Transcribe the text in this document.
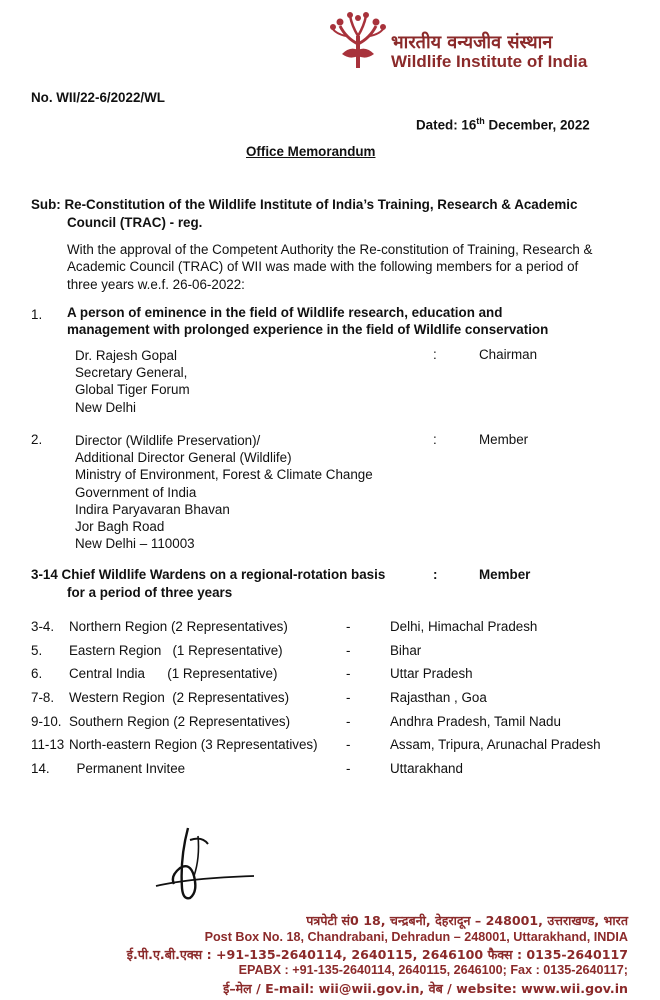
भारतीय वन्यजीव संस्थान
Wildlife Institute of India
No. WII/22-6/2022/WL
Dated: 16th December, 2022
Office Memorandum
Sub: Re-Constitution of the Wildlife Institute of India’s Training, Research & Academic
Council (TRAC) - reg.
With the approval of the Competent Authority the Re-constitution of Training, Research & Academic Council (TRAC) of WII was made with the following members for a period of three years w.e.f. 26-06-2022:
1. A person of eminence in the field of Wildlife research, education and
management with prolonged experience in the field of Wildlife conservation
Dr. Rajesh Gopal
Secretary General,
Global Tiger Forum
New Delhi
:	Chairman
2. Director (Wildlife Preservation)/
Additional Director General (Wildlife)
Ministry of Environment, Forest & Climate Change
Government of India
Indira Paryavaran Bhavan
Jor Bagh Road
New Delhi – 110003
:	Member
3-14 Chief Wildlife Wardens on a regional-rotation basis
for a period of three years
:	Member
3-4. Northern Region (2 Representatives)	-	Delhi, Himachal Pradesh
5. Eastern Region   (1 Representative)	-	Bihar
6. Central India      (1 Representative)	-	Uttar Pradesh
7-8. Western Region  (2 Representatives)	-	Rajasthan , Goa
9-10. Southern Region (2 Representatives)	-	Andhra Pradesh, Tamil Nadu
11-13 North-eastern Region (3 Representatives) -	Assam, Tripura, Arunachal Pradesh
14. Permanent Invitee	-	Uttarakhand
पत्रपेटी सं0 18, चन्द्रबनी, देहरादून – 248001, उत्तराखण्ड, भारत
Post Box No. 18, Chandrabani, Dehradun – 248001, Uttarakhand, INDIA
ई.पी.ए.बी.एक्स : +91-135-2640114, 2640115, 2646100 फैक्स : 0135-2640117
EPABX : +91-135-2640114, 2640115, 2646100; Fax : 0135-2640117;
ई–मेल / E-mail: wii@wii.gov.in, वेब / website: www.wii.gov.in
